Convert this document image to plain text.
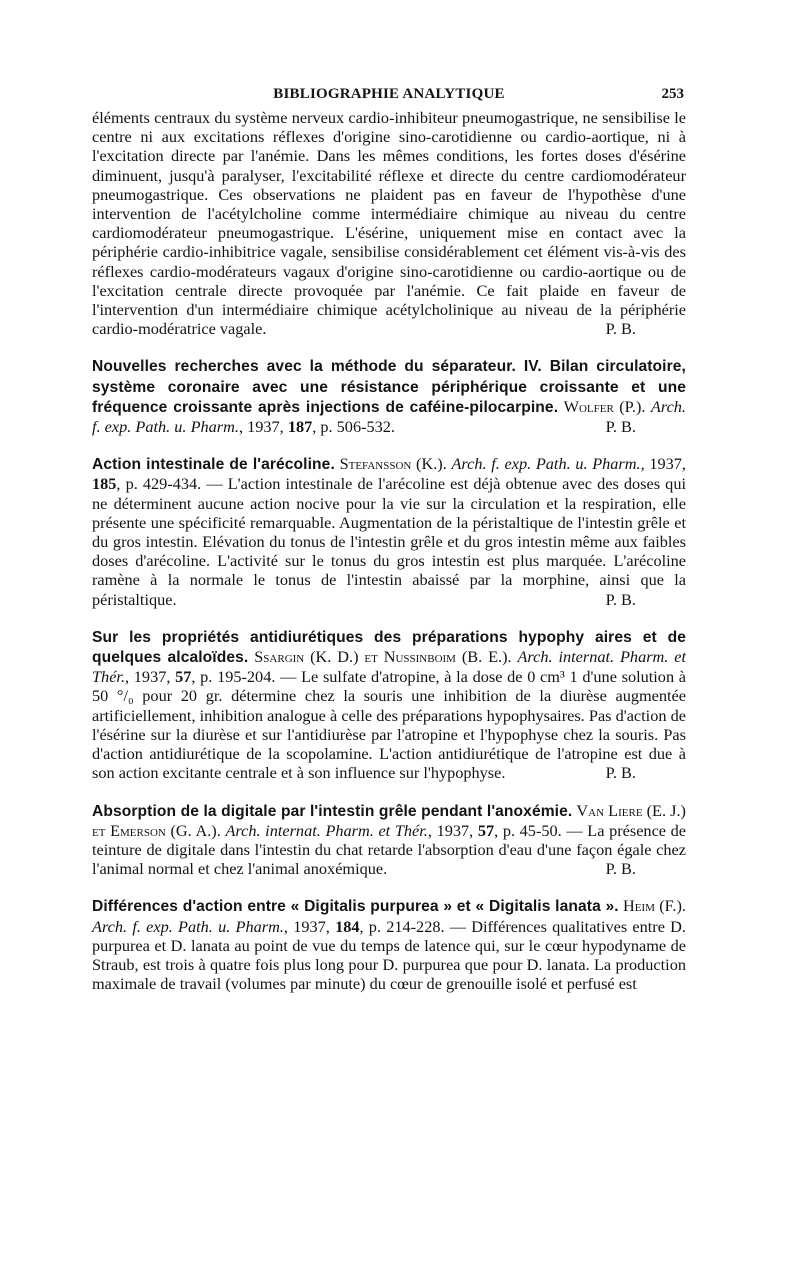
BIBLIOGRAPHIE ANALYTIQUE	253

éléments centraux du système nerveux cardio-inhibiteur pneumogastrique, ne sensibilise le centre ni aux excitations réflexes d'origine sino-carotidienne ou cardio-aortique, ni à l'excitation directe par l'anémie. Dans les mêmes conditions, les fortes doses d'ésérine diminuent, jusqu'à paralyser, l'excitabilité réflexe et directe du centre cardiomodérateur pneumogastrique. Ces observations ne plaident pas en faveur de l'hypothèse d'une intervention de l'acétylcholine comme intermédiaire chimique au niveau du centre cardiomodérateur pneumogastrique. L'ésérine, uniquement mise en contact avec la périphérie cardio-inhibitrice vagale, sensibilise considérablement cet élément vis-à-vis des réflexes cardio-modérateurs vagaux d'origine sino-carotidienne ou cardio-aortique ou de l'excitation centrale directe provoquée par l'anémie. Ce fait plaide en faveur de l'intervention d'un intermédiaire chimique acétylcholinique au niveau de la périphérie cardio-modératrice vagale.	P. B.

Nouvelles recherches avec la méthode du séparateur. IV. Bilan circulatoire, système coronaire avec une résistance périphérique croissante et une fréquence croissante après injections de caféine-pilocarpine. Wolfer (P.). Arch. f. exp. Path. u. Pharm., 1937, 187, p. 506-532.	P. B.

Action intestinale de l'arécoline. Stefansson (K.). Arch. f. exp. Path. u. Pharm., 1937, 185, p. 429-434. — L'action intestinale de l'arécoline est déjà obtenue avec des doses qui ne déterminent aucune action nocive pour la vie sur la circulation et la respiration, elle présente une spécificité remarquable. Augmentation de la péristaltique de l'intestin grêle et du gros intestin. Elévation du tonus de l'intestin grêle et du gros intestin même aux faibles doses d'arécoline. L'activité sur le tonus du gros intestin est plus marquée. L'arécoline ramène à la normale le tonus de l'intestin abaissé par la morphine, ainsi que la péristaltique.	P. B.

Sur les propriétés antidiurétiques des préparations hypophy aires et de quelques alcaloïdes. Ssargin (K. D.) et Nussinboim (B. E.). Arch. internat. Pharm. et Thér., 1937, 57, p. 195-204. — Le sulfate d'atropine, à la dose de 0 cm³ 1 d'une solution à 50 °/₀ pour 20 gr. détermine chez la souris une inhibition de la diurèse augmentée artificiellement, inhibition analogue à celle des préparations hypophysaires. Pas d'action de l'ésérine sur la diurèse et sur l'antidiurèse par l'atropine et l'hypophyse chez la souris. Pas d'action antidiurétique de la scopolamine. L'action antidiurétique de l'atropine est due à son action excitante centrale et à son influence sur l'hypophyse.	P. B.

Absorption de la digitale par l'intestin grêle pendant l'anoxémie. Van Liere (E. J.) et Emerson (G. A.). Arch. internat. Pharm. et Thér., 1937, 57, p. 45-50. — La présence de teinture de digitale dans l'intestin du chat retarde l'absorption d'eau d'une façon égale chez l'animal normal et chez l'animal anoxémique.	P. B.

Différences d'action entre « Digitalis purpurea » et « Digitalis lanata ». Heim (F.). Arch. f. exp. Path. u. Pharm., 1937, 184, p. 214-228. — Différences qualitatives entre D. purpurea et D. lanata au point de vue du temps de latence qui, sur le cœur hypodyname de Straub, est trois à quatre fois plus long pour D. purpurea que pour D. lanata. La production maximale de travail (volumes par minute) du cœur de grenouille isolé et perfusé est
